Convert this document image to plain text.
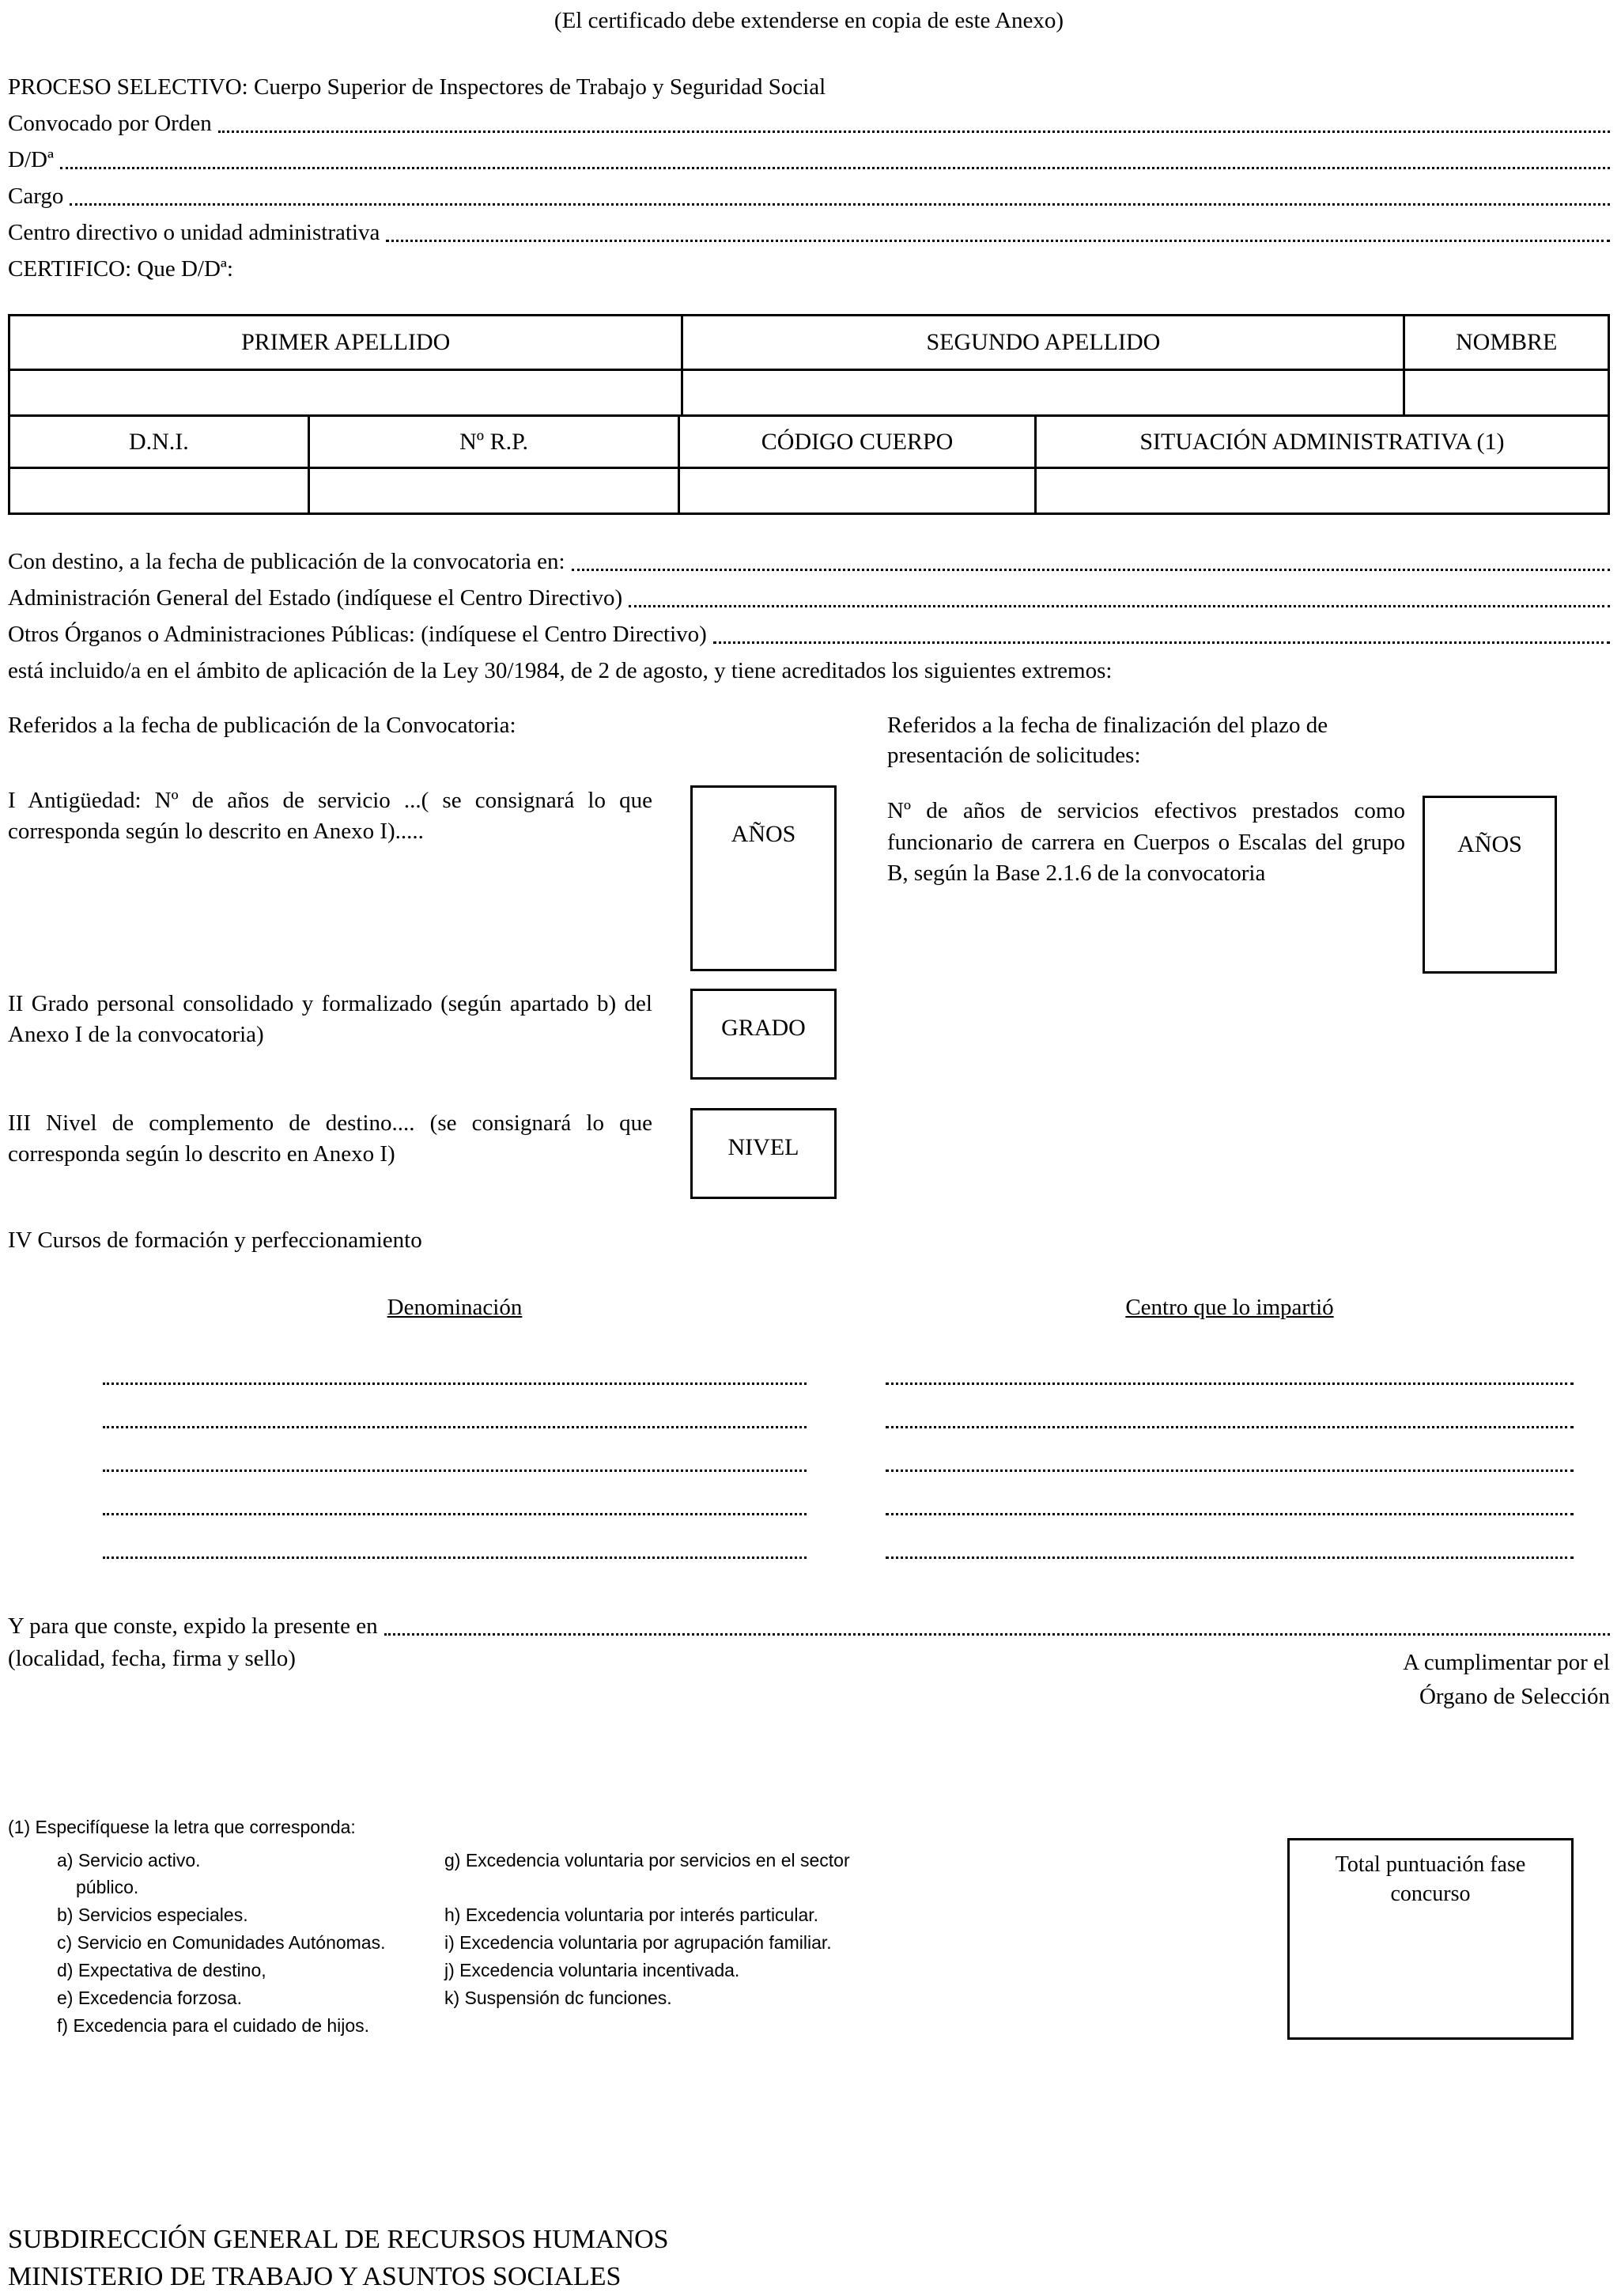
(El certificado debe extenderse en copia de este Anexo)

PROCESO SELECTIVO: Cuerpo Superior de Inspectores de Trabajo y Seguridad Social

Convocado por Orden
D/Dª
Cargo
Centro directivo o unidad administrativa

CERTIFICO: Que D/Dª:

PRIMER APELLIDO	SEGUNDO APELLIDO	NOMBRE
D.N.I.	Nº R.P.	CÓDIGO CUERPO	SITUACIÓN ADMINISTRATIVA (1)
Con destino, a la fecha de publicación de la convocatoria en:
Administración General del Estado (indíquese el Centro Directivo)
Otros Órganos o Administraciones Públicas: (indíquese el Centro Directivo)

está incluido/a en el ámbito de aplicación de la Ley 30/1984, de 2 de agosto, y tiene acreditados los siguientes extremos:

Referidos a la fecha de publicación de la Convocatoria:

I Antigüedad: Nº de años de servicio ...( se consignará lo que corresponda según lo descrito en Anexo I).....	AÑOS

II Grado personal consolidado y formalizado (según apartado b) del Anexo I de la convocatoria)	GRADO

III Nivel de complemento de destino.... (se consignará lo que corresponda según lo descrito en Anexo I)	NIVEL

Referidos a la fecha de finalización del plazo de presentación de solicitudes:

Nº de años de servicios efectivos prestados como funcionario de carrera en Cuerpos o Escalas del grupo B, según la Base 2.1.6 de la convocatoria

AÑOS

IV Cursos de formación y perfeccionamiento

Denominación	Centro que lo impartió
Y para que conste, expido la presente en
(localidad, fecha, firma y sello)	A cumplimentar por el
Órgano de Selección
Total puntuación fase concurso
(1) Especifíquese la letra que corresponda:
a) Servicio activo.	g) Excedencia voluntaria por servicios en el sector
público.
b) Servicios especiales.	h) Excedencia voluntaria por interés particular.
c) Servicio en Comunidades Autónomas.	i) Excedencia voluntaria por agrupación familiar.
d) Expectativa de destino,	j) Excedencia voluntaria incentivada.
e) Excedencia forzosa.	k) Suspensión dc funciones.
f) Excedencia para el cuidado de hijos.
SUBDIRECCIÓN GENERAL DE RECURSOS HUMANOS
MINISTERIO DE TRABAJO Y ASUNTOS SOCIALES
